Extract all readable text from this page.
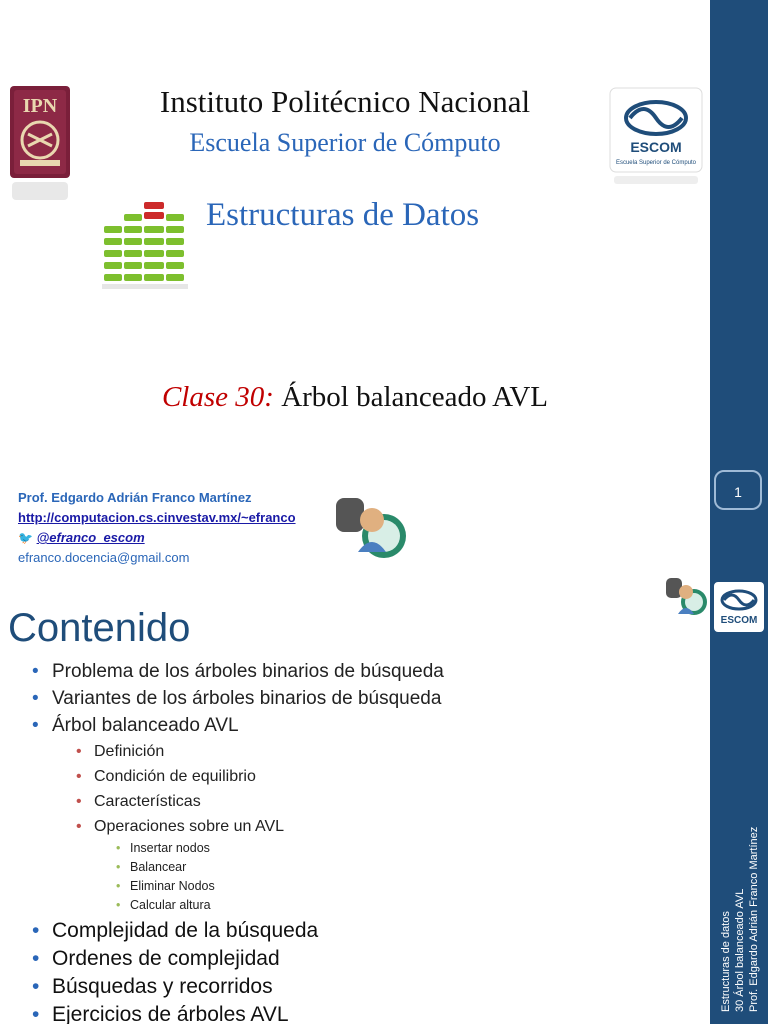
IPN	Instituto Politécnico Nacional
Escuela Superior de Cómputo	ESCOM
Escuela Superior de Cómputo
Estructuras de Datos
Clase 30: Árbol balanceado AVL
Prof. Edgardo Adrián Franco Martínez
http://computacion.cs.cinvestav.mx/~efranco
🐦 @efranco_escom
efranco.docencia@gmail.com
1
ESCOM
Estructuras de datos 30 Árbol balanceado AVL Prof. Edgardo Adrián Franco Martínez
Contenido
• Problema de los árboles binarios de búsqueda
• Variantes de los árboles binarios de búsqueda
• Árbol balanceado AVL
• Definición
• Condición de equilibrio
• Características
• Operaciones sobre un AVL
• Insertar nodos
• Balancear
• Eliminar Nodos
• Calcular altura
• Complejidad de la búsqueda
• Ordenes de complejidad
• Búsquedas y recorridos
• Ejercicios de árboles AVL
